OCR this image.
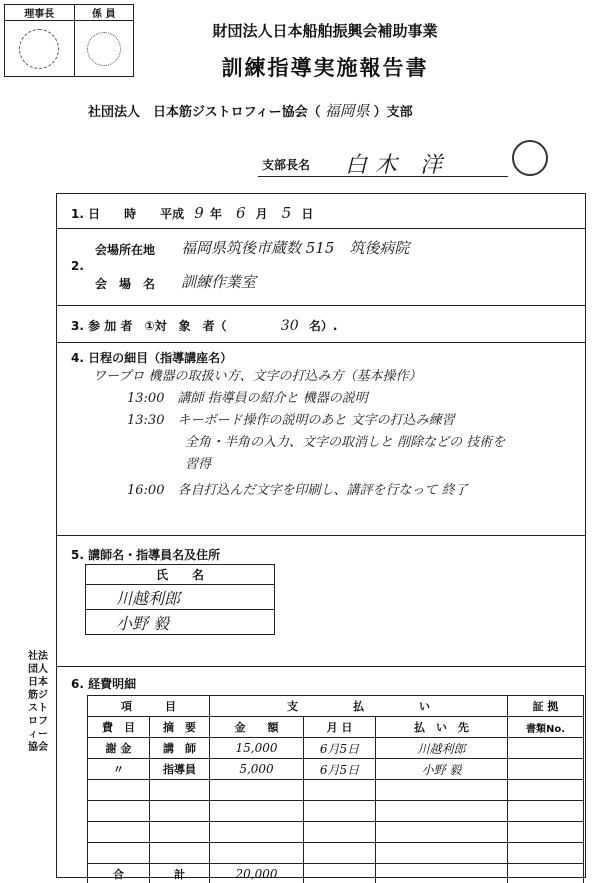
理事長	係 員

財団法人日本船舶振興会補助事業
訓練指導実施報告書
社団法人　日本筋ジストロフィー協会（ 福岡県 ）支部
支部長名 白木 洋
1. 日　　時　　平成 9 年 6 月 5 日
2.
会場所在地 福岡県筑後市蔵数 515　筑後病院
会　場　名 訓練作業室
3. 参 加 者　①対　象　者（	30 名）.
4. 日程の細目（指導講座名）
ワープロ 機器の取扱い方、文字の打込み方（基本操作）
13:00　講師 指導員の紹介と 機器の説明
13:30　キーボード操作の説明のあと 文字の打込み練習
全角・半角の入力、文字の取消しと 削除などの 技術を
習得
16:00　各自打込んだ文字を印刷し、講評を行なって 終了
5. 講師名・指導員名及住所
氏　　名
川越利郎
小野 毅
社法団人 日本筋ジストロフィー協会
6. 経費明細
項　　　目		支　　　　　払　　　　　い			証 拠
費　目	摘　要	金　　額	月 日	払　い　先	書類No.
謝 金	講　師	15,000	6月5日	川越利郎	
〃	指導員	5,000	6月5日	小野 毅	

合	計	20,000			
